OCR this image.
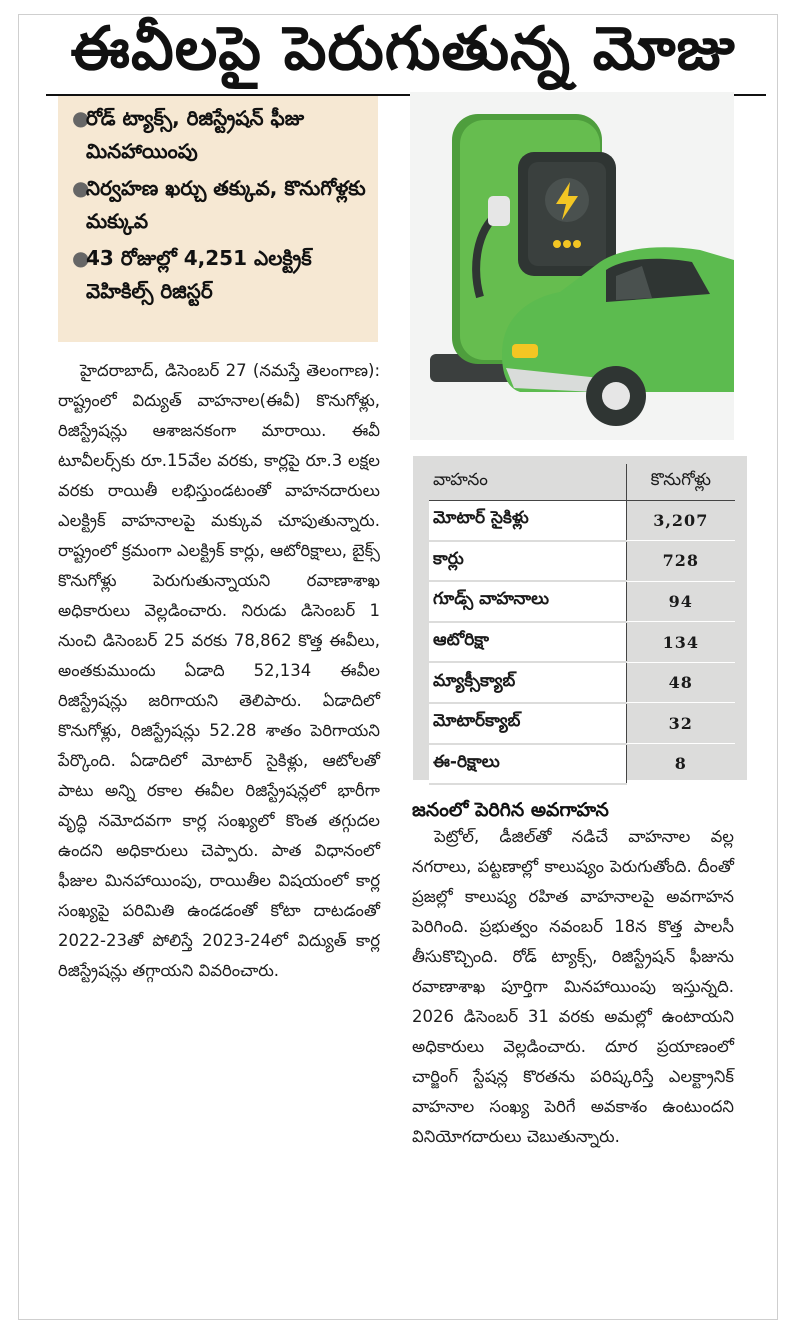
ఈవీలపై పెరుగుతున్న మోజు
●
రోడ్ ట్యాక్స్, రిజిస్ట్రేషన్ ఫీజు మినహాయింపు
●
నిర్వహణ ఖర్చు తక్కువ, కొనుగోళ్లకు మక్కువ
●
43 రోజుల్లో 4,251 ఎలక్ట్రిక్ వెహికిల్స్ రిజిస్టర్

హైదరాబాద్, డిసెంబర్ 27 (నమస్తే తెలంగాణ): రాష్ట్రంలో విద్యుత్ వాహనాల(ఈవీ) కొనుగోళ్లు, రిజిస్ట్రేషన్లు ఆశాజనకంగా మారాయి. ఈవీ టూవీలర్స్‌కు రూ.15వేల వరకు, కార్లపై రూ.3 లక్షల వరకు రాయితీ లభిస్తుండటంతో వాహనదారులు ఎలక్ట్రిక్ వాహనాలపై మక్కువ చూపుతున్నారు. రాష్ట్రంలో క్రమంగా ఎలక్ట్రిక్ కార్లు, ఆటోరిక్షాలు, బైక్స్ కొనుగోళ్లు పెరుగుతున్నాయని రవాణాశాఖ అధికారులు వెల్లడించారు. నిరుడు డిసెంబర్ 1 నుంచి డిసెంబర్ 25 వరకు 78,862 కొత్త ఈవీలు, అంతకుముందు ఏడాది 52,134 ఈవీల రిజిస్ట్రేషన్లు జరిగాయని తెలిపారు. ఏడాదిలో కొనుగోళ్లు, రిజిస్ట్రేషన్లు 52.28 శాతం పెరిగాయని పేర్కొంది. ఏడాదిలో మోటార్ సైకిళ్లు, ఆటోలతో పాటు అన్ని రకాల ఈవీల రిజిస్ట్రేషన్లలో భారీగా వృద్ధి నమోదవగా కార్ల సంఖ్యలో కొంత తగ్గుదల ఉందని అధికారులు చెప్పారు. పాత విధానంలో ఫీజుల మినహాయింపు, రాయితీల విషయంలో కార్ల సంఖ్యపై పరిమితి ఉండడంతో కోటా దాటడంతో 2022-23తో పోలిస్తే 2023-24లో విద్యుత్ కార్ల రిజిస్ట్రేషన్లు తగ్గాయని వివరించారు.

వాహనం	కొనుగోళ్లు
మోటార్ సైకిళ్లు	3,207
కార్లు	728
గూడ్స్ వాహనాలు	94
ఆటోరిక్షా	134
మ్యాక్సీక్యాబ్	48
మోటార్‌క్యాబ్	32
ఈ-రిక్షాలు	8
జనంలో పెరిగిన అవగాహన

పెట్రోల్, డీజిల్‌తో నడిచే వాహనాల వల్ల నగరాలు, పట్టణాల్లో కాలుష్యం పెరుగుతోంది. దీంతో ప్రజల్లో కాలుష్య రహిత వాహనాలపై అవగాహన పెరిగింది. ప్రభుత్వం నవంబర్ 18న కొత్త పాలసీ తీసుకొచ్చింది. రోడ్ ట్యాక్స్, రిజిస్ట్రేషన్ ఫీజును రవాణాశాఖ పూర్తిగా మినహాయింపు ఇస్తున్నది. 2026 డిసెంబర్ 31 వరకు అమల్లో ఉంటాయని అధికారులు వెల్లడించారు. దూర ప్రయాణంలో చార్జింగ్ స్టేషన్ల కొరతను పరిష్కరిస్తే ఎలక్ట్రానిక్ వాహనాల సంఖ్య పెరిగే అవకాశం ఉంటుందని వినియోగదారులు చెబుతున్నారు.
